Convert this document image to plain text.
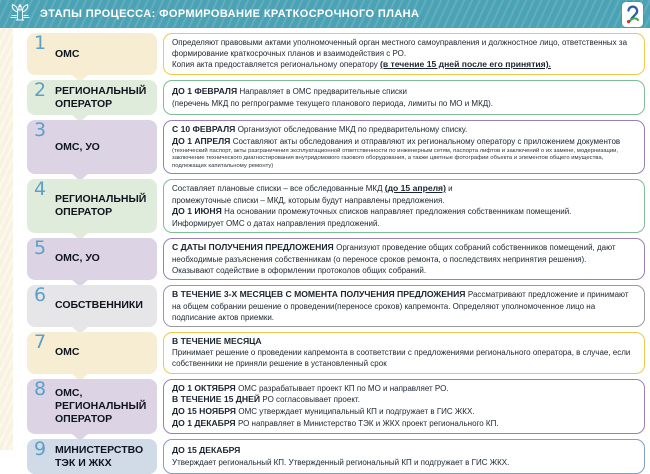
ЭТАПЫ ПРОЦЕССА: ФОРМИРОВАНИЕ КРАТКОСРОЧНОГО ПЛАНА
1 ОМС
Определяют правовыми актами уполномоченный орган местного самоуправления и должностное лицо, ответственных за формирование краткосрочных планов и взаимодействия с РО.
Копия акта предоставляется региональному оператору (в течение 15 дней после его принятия).
2 РЕГИОНАЛЬНЫЙ ОПЕРАТОР
ДО 1 ФЕВРАЛЯ Направляет в ОМС предварительные списки
(перечень МКД по регпрограмме текущего планового периода, лимиты по МО и МКД).
3
ОМС, УО
С 10 ФЕВРАЛЯ Организуют обследование МКД по предварительному списку.
ДО 1 АПРЕЛЯ Составляют акты обследования и отправляют их региональному оператору с приложением документов
(технический паспорт, акты разграничения эксплуатационной ответственности по инженерным сетям, паспорта лифтов и заключений о их замене, модернизации, заключение технического диагностирования внутридомового газового оборудования, а также цветные фотографии объекта и элементов общего имущества, подлежащих капитальному ремонту)
4 РЕГИОНАЛЬНЫЙ ОПЕРАТОР
Составляет плановые списки – все обследованные МКД (до 15 апреля) и
промежуточные списки – МКД, которым будут направлены предложения.
ДО 1 ИЮНЯ На основании промежуточных списков направляет предложения собственникам помещений.
Информирует ОМС о датах направления предложений.
5 ОМС, УО
С ДАТЫ ПОЛУЧЕНИЯ ПРЕДЛОЖЕНИЯ Организуют проведение общих собраний собственников помещений, дают необходимые разъяснения собственникам (о переносе сроков ремонта, о последствиях непринятия решения).
Оказывают содействие в оформлении протоколов общих собраний.
6 СОБСТВЕННИКИ
В ТЕЧЕНИЕ 3-Х МЕСЯЦЕВ С МОМЕНТА ПОЛУЧЕНИЯ ПРЕДЛОЖЕНИЯ Рассматривают предложение и принимают на общем собрании решение о проведении(переносе сроков) капремонта. Определяют уполномоченное лицо на подписание актов приемки.
7 ОМС
В ТЕЧЕНИЕ МЕСЯЦА
Принимает решение о проведении капремонта в соответствии с предложениями регионального оператора, в случае, если собственники не приняли решение в установленный срок
8 ОМС, РЕГИОНАЛЬНЫЙ ОПЕРАТОР
ДО 1 ОКТЯБРЯ ОМС разрабатывает проект КП по МО и направляет РО.
В ТЕЧЕНИЕ 15 ДНЕЙ РО согласовывает проект.
ДО 15 НОЯБРЯ ОМС утверждает муниципальный КП и подгружает в ГИС ЖКХ.
ДО 1 ДЕКАБРЯ РО направляет в Министерство ТЭК и ЖКХ проект регионального КП.
9 МИНИСТЕРСТВО ТЭК И ЖКХ
ДО 15 ДЕКАБРЯ
Утверждает региональный КП. Утвержденный региональный КП и подгружает в ГИС ЖКХ.
